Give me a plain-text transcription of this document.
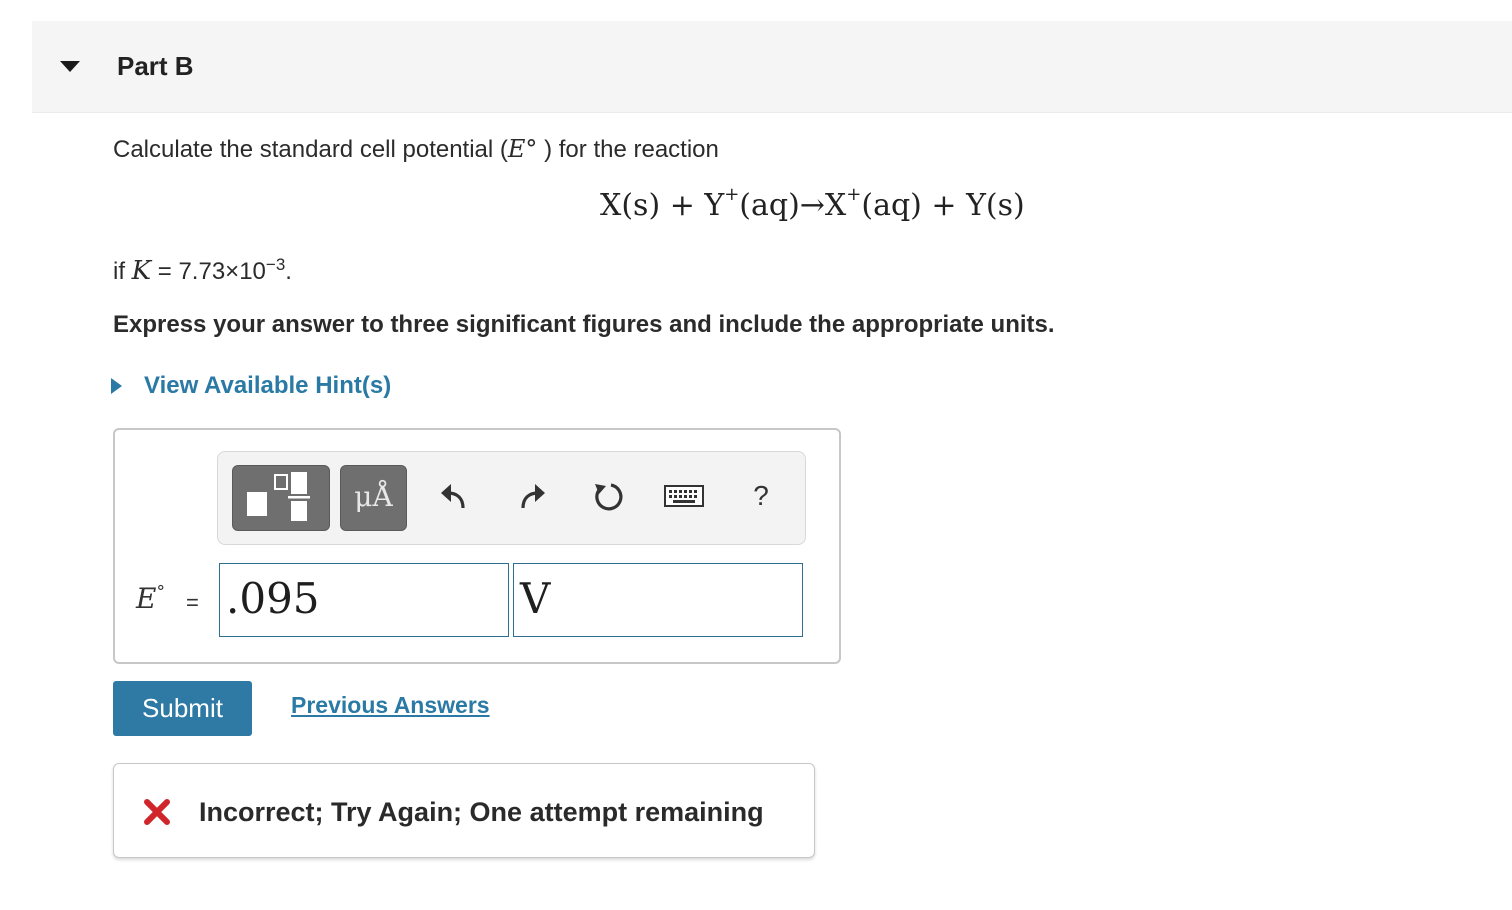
Part B
Calculate the standard cell potential (E° ) for the reaction
X(s) + Y+(aq)→X+(aq) + Y(s)
if $K = 7.73\times 10^{-3}$.
Express your answer to three significant figures and include the appropriate units.
View Available Hint(s)
μÅ	?
E° = .095	V
Submit	Previous Answers
Incorrect; Try Again; One attempt remaining
